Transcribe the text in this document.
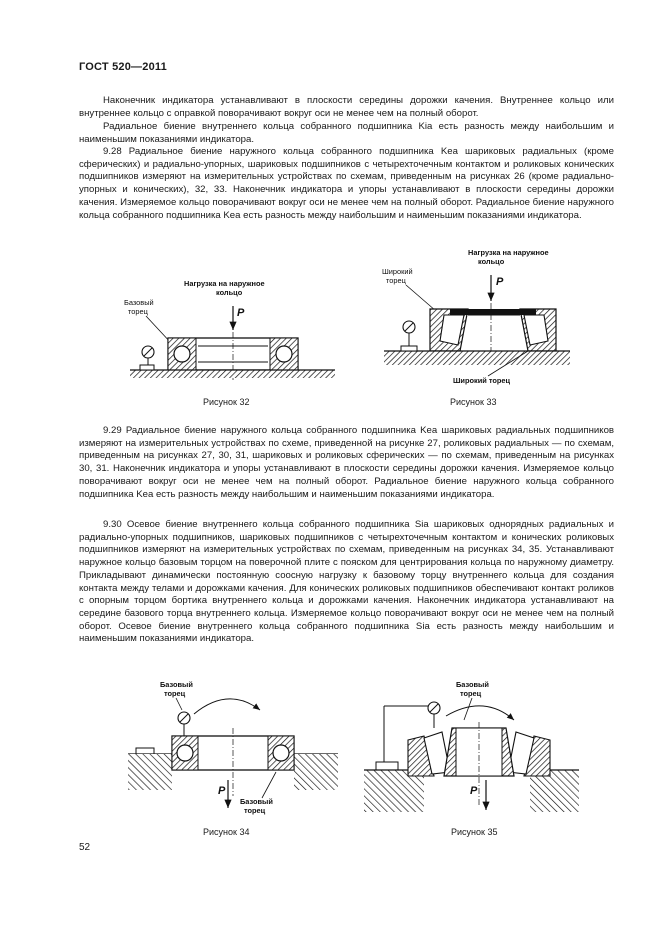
ГОСТ 520—2011

Наконечник индикатора устанавливают в плоскости середины дорожки качения. Внутреннее кольцо или внутреннее кольцо с оправкой поворачивают вокруг оси не менее чем на полный оборот.

Радиальное биение внутреннего кольца собранного подшипника Kia есть разность между наибольшим и наименьшим показаниями индикатора.

9.28 Радиальное биение наружного кольца собранного подшипника Kea шариковых радиальных (кроме сферических) и радиально-упорных, шариковых подшипников с четырехточечным контактом и роликовых конических подшипников измеряют на измерительных устройствах по схемам, приведенным на рисунках 26 (кроме радиально-упорных и конических), 32, 33. Наконечник индикатора и упоры устанавливают в плоскости середины дорожки качения. Измеряемое кольцо поворачивают вокруг оси не менее чем на полный оборот. Радиальное биение наружного кольца собранного подшипника Kea есть разность между наибольшим и наименьшим показаниями индикатора.

Нагрузка на наружное
кольцо
P
Базовый
торец
Рисунок 32
Нагрузка на наружное
кольцо
P
Широкий
торец
Широкий торец
Рисунок 33

9.29 Радиальное биение наружного кольца собранного подшипника Kea шариковых радиальных подшипников измеряют на измерительных устройствах по схеме, приведенной на рисунке 27, роликовых радиальных — по схемам, приведенным на рисунках 27, 30, 31, шариковых и роликовых сферических — по схемам, приведенным на рисунках 30, 31. Наконечник индикатора и упоры устанавливают в плоскости середины дорожки качения. Измеряемое кольцо поворачивают вокруг оси не менее чем на полный оборот. Радиальное биение наружного кольца собранного подшипника Kea есть разность между наибольшим и наименьшим показаниями индикатора.

9.30 Осевое биение внутреннего кольца собранного подшипника Sia шариковых однорядных радиальных и радиально-упорных подшипников, шариковых подшипников с четырехточечным контактом и конических роликовых подшипников измеряют на измерительных устройствах по схемам, приведенным на рисунках 34, 35. Устанавливают наружное кольцо базовым торцом на поверочной плите с пояском для центрирования кольца по наружному диаметру. Прикладывают динамически постоянную соосную нагрузку к базовому торцу внутреннего кольца для создания контакта между телами и дорожками качения. Для конических роликовых подшипников обеспечивают контакт роликов с опорным торцом бортика внутреннего кольца и дорожками качения. Наконечник индикатора устанавливают на середине базового торца внутреннего кольца. Измеряемое кольцо поворачивают вокруг оси не менее чем на полный оборот. Осевое биение внутреннего кольца собранного подшипника Sia есть разность между наибольшим и наименьшим показаниями индикатора.

Базовый
торец
P
Базовый
торец
Рисунок 34
Базовый
торец
P
Рисунок 35
52
